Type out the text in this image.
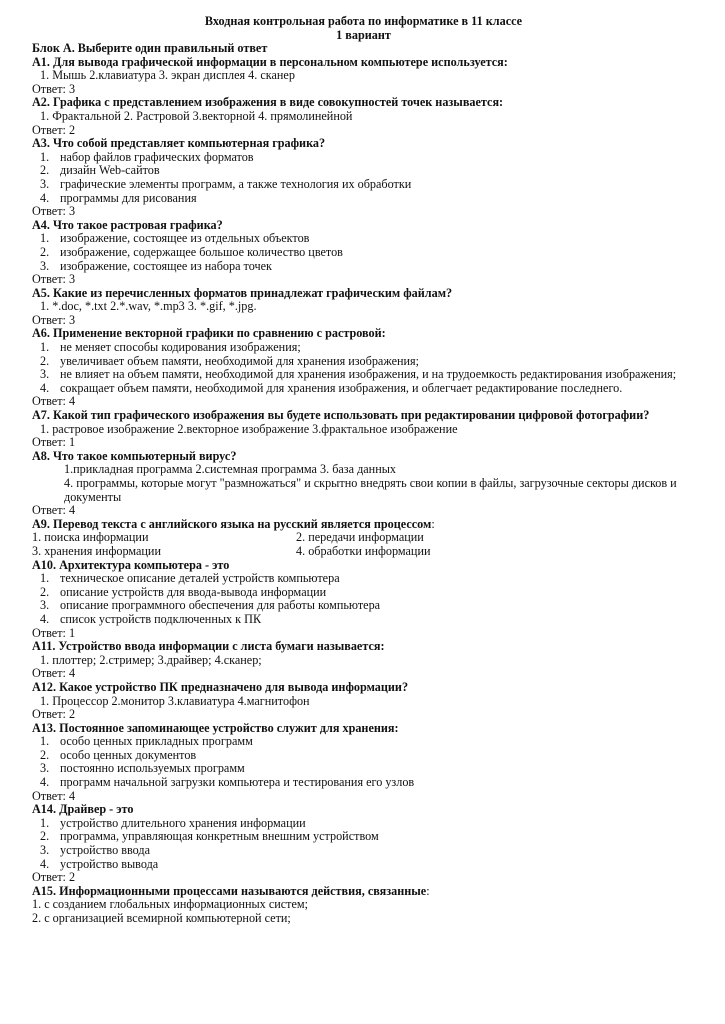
Входная контрольная работа по информатике в 11 классе
1 вариант
Блок А. Выберите один правильный ответ
А1. Для вывода графической информации в персональном компьютере используется:
1. Мышь 2.клавиатура 3. экран дисплея 4. сканер
Ответ: 3
А2. Графика с представлением изображения в виде совокупностей точек называется:
1. Фрактальной 2. Растровой 3.векторной 4. прямолинейной
Ответ: 2
А3. Что собой представляет компьютерная графика?
1. набор файлов графических форматов
2. дизайн Web-сайтов
3. графические элементы программ, а также технология их обработки
4. программы для рисования
Ответ: 3
А4. Что такое растровая графика?
1. изображение, состоящее из отдельных объектов
2. изображение, содержащее большое количество цветов
3. изображение, состоящее из набора точек
Ответ: 3
А5. Какие из перечисленных форматов принадлежат графическим файлам?
1. *.doc, *.txt 2.*.wav, *.mp3 3. *.gif, *.jpg.
Ответ: 3
А6. Применение векторной графики по сравнению с растровой:
1. не меняет способы кодирования изображения;
2. увеличивает объем памяти, необходимой для хранения изображения;
3. не влияет на объем памяти, необходимой для хранения изображения, и на трудоемкость редактирования изображения;
4. сокращает объем памяти, необходимой для хранения изображения, и облегчает редактирование последнего.
Ответ: 4
А7. Какой тип графического изображения вы будете использовать при редактировании цифровой фотографии?
1. растровое изображение 2.векторное изображение 3.фрактальное изображение
Ответ: 1
А8. Что такое компьютерный вирус?
1.прикладная программа 2.системная программа 3. база данных
4. программы, которые могут "размножаться" и скрытно внедрять свои копии в файлы, загрузочные секторы дисков и документы
Ответ: 4
А9. Перевод текста с английского языка на русский является процессом:
1. поиска информации	2. передачи информации
3. хранения информации	4. обработки информации
А10. Архитектура компьютера - это
1. техническое описание деталей устройств компьютера
2. описание устройств для ввода-вывода информации
3. описание программного обеспечения для работы компьютера
4. список устройств подключенных к ПК
Ответ: 1
А11. Устройство ввода информации с листа бумаги называется:
1. плоттер; 2.стример; 3.драйвер; 4.сканер;
Ответ: 4
А12. Какое устройство ПК предназначено для вывода информации?
1. Процессор 2.монитор 3.клавиатура 4.магнитофон
Ответ: 2
А13. Постоянное запоминающее устройство служит для хранения:
1. особо ценных прикладных программ
2. особо ценных документов
3. постоянно используемых программ
4. программ начальной загрузки компьютера и тестирования его узлов
Ответ: 4
А14. Драйвер - это
1. устройство длительного хранения информации
2. программа, управляющая конкретным внешним устройством
3. устройство ввода
4. устройство вывода
Ответ: 2
А15. Информационными процессами называются действия, связанные:
1. с созданием глобальных информационных систем;
2. с организацией всемирной компьютерной сети;
